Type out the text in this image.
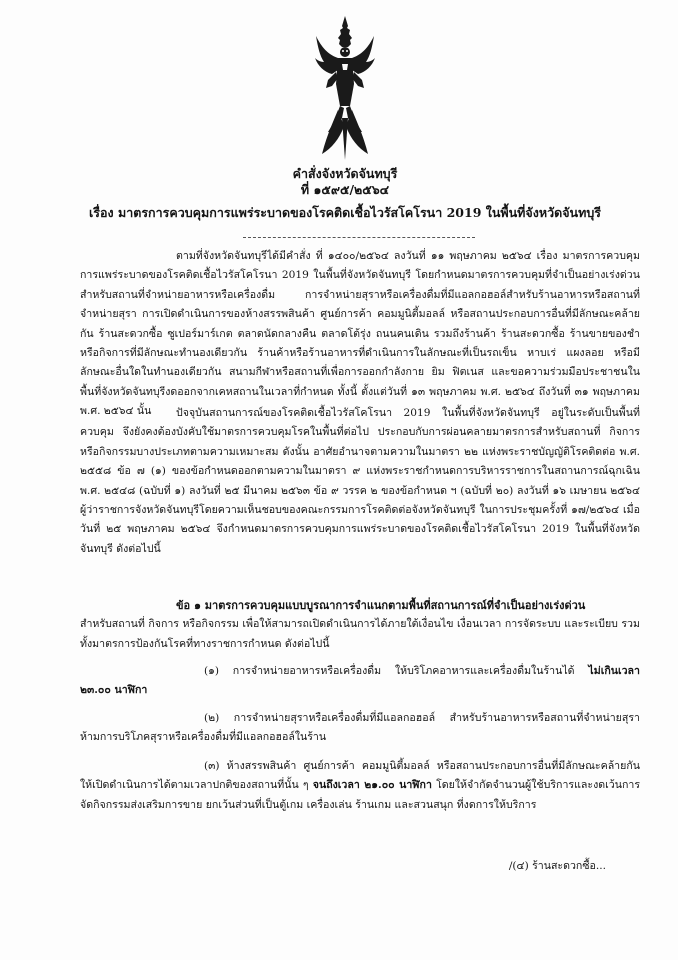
คำสั่งจังหวัดจันทบุรี
ที่ ๑๕๙๕/๒๕๖๔
เรื่อง มาตรการควบคุมการแพร่ระบาดของโรคติดเชื้อไวรัสโคโรนา 2019 ในพื้นที่จังหวัดจันทบุรี
ตามที่จังหวัดจันทบุรีได้มีคำสั่ง ที่ ๑๔๐๐/๒๕๖๔ ลงวันที่ ๑๑ พฤษภาคม ๒๕๖๔ เรื่อง มาตรการควบคุมการแพร่ระบาดของโรคติดเชื้อไวรัสโคโรนา 2019 ในพื้นที่จังหวัดจันทบุรี โดยกำหนดมาตรการควบคุมที่จำเป็นอย่างเร่งด่วนสำหรับสถานที่จำหน่ายอาหารหรือเครื่องดื่ม การจำหน่ายสุราหรือเครื่องดื่มที่มีแอลกอฮอล์สำหรับร้านอาหารหรือสถานที่จำหน่ายสุรา การเปิดดำเนินการของห้างสรรพสินค้า ศูนย์การค้า คอมมูนิตี้มอลล์ หรือสถานประกอบการอื่นที่มีลักษณะคล้ายกัน ร้านสะดวกซื้อ ซูเปอร์มาร์เกต ตลาดนัดกลางคืน ตลาดโต้รุ่ง ถนนคนเดิน รวมถึงร้านค้า ร้านสะดวกซื้อ ร้านขายของชำ หรือกิจการที่มีลักษณะทำนองเดียวกัน ร้านค้าหรือร้านอาหารที่ดำเนินการในลักษณะที่เป็นรถเข็น หาบเร่ แผงลอย หรือมีลักษณะอื่นใดในทำนองเดียวกัน สนามกีฬาหรือสถานที่เพื่อการออกกำลังกาย ยิม ฟิตเนส และขอความร่วมมือประชาชนในพื้นที่จังหวัดจันทบุรีงดออกจากเคหสถานในเวลาที่กำหนด ทั้งนี้ ตั้งแต่วันที่ ๑๓ พฤษภาคม พ.ศ. ๒๕๖๔ ถึงวันที่ ๓๑ พฤษภาคม พ.ศ. ๒๕๖๔ นั้น	ปัจจุบันสถานการณ์ของโรคติดเชื้อไวรัสโคโรนา 2019 ในพื้นที่จังหวัดจันทบุรี อยู่ในระดับเป็นพื้นที่ควบคุม จึงยังคงต้องบังคับใช้มาตรการควบคุมโรคในพื้นที่ต่อไป ประกอบกับการผ่อนคลายมาตรการสำหรับสถานที่ กิจการ หรือกิจกรรมบางประเภทตามความเหมาะสม ดังนั้น อาศัยอำนาจตามความในมาตรา ๒๒ แห่งพระราชบัญญัติโรคติดต่อ พ.ศ. ๒๕๕๘ ข้อ ๗ (๑) ของข้อกำหนดออกตามความในมาตรา ๙ แห่งพระราชกำหนดการบริหารราชการในสถานการณ์ฉุกเฉิน พ.ศ. ๒๕๔๘ (ฉบับที่ ๑) ลงวันที่ ๒๕ มีนาคม ๒๕๖๓ ข้อ ๙ วรรค ๒ ของข้อกำหนด ฯ (ฉบับที่ ๒๐) ลงวันที่ ๑๖ เมษายน ๒๕๖๔ ผู้ว่าราชการจังหวัดจันทบุรีโดยความเห็นชอบของคณะกรรมการโรคติดต่อจังหวัดจันทบุรี ในการประชุมครั้งที่ ๑๗/๒๕๖๔ เมื่อวันที่ ๒๕ พฤษภาคม ๒๕๖๔ จึงกำหนดมาตรการควบคุมการแพร่ระบาดของโรคติดเชื้อไวรัสโคโรนา 2019 ในพื้นที่จังหวัดจันทบุรี ดังต่อไปนี้
ข้อ ๑ มาตรการควบคุมแบบบูรณาการจำแนกตามพื้นที่สถานการณ์ที่จำเป็นอย่างเร่งด่วน
สำหรับสถานที่ กิจการ หรือกิจกรรม เพื่อให้สามารถเปิดดำเนินการได้ภายใต้เงื่อนไข เงื่อนเวลา การจัดระบบ และระเบียบ รวมทั้งมาตรการป้องกันโรคที่ทางราชการกำหนด ดังต่อไปนี้
(๑) การจำหน่ายอาหารหรือเครื่องดื่ม ให้บริโภคอาหารและเครื่องดื่มในร้านได้ ไม่เกินเวลา ๒๓.๐๐ นาฬิกา
(๒) การจำหน่ายสุราหรือเครื่องดื่มที่มีแอลกอฮอล์ สำหรับร้านอาหารหรือสถานที่จำหน่ายสุรา ห้ามการบริโภคสุราหรือเครื่องดื่มที่มีแอลกอฮอล์ในร้าน
(๓) ห้างสรรพสินค้า ศูนย์การค้า คอมมูนิตี้มอลล์ หรือสถานประกอบการอื่นที่มีลักษณะคล้ายกัน ให้เปิดดำเนินการได้ตามเวลาปกติของสถานที่นั้น ๆ จนถึงเวลา ๒๑.๐๐ นาฬิกา โดยให้จำกัดจำนวนผู้ใช้บริการและงดเว้นการจัดกิจกรรมส่งเสริมการขาย ยกเว้นส่วนที่เป็นตู้เกม เครื่องเล่น ร้านเกม และสวนสนุก ที่งดการให้บริการ
/(๔) ร้านสะดวกซื้อ...
